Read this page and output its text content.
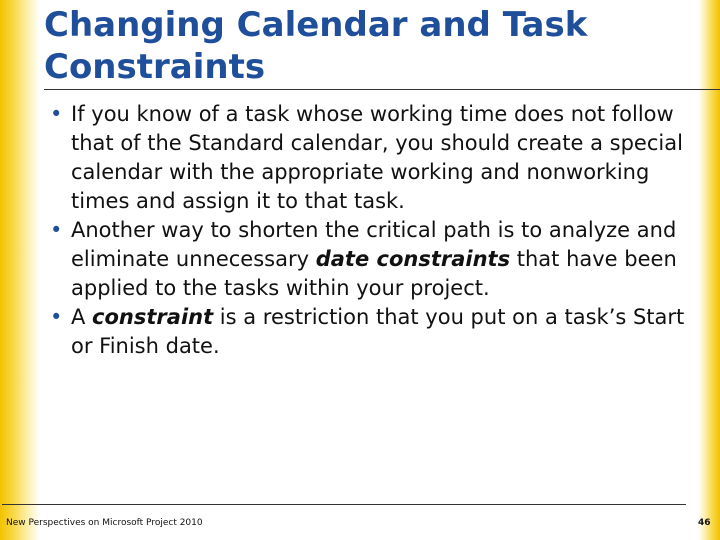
Changing Calendar and Task Constraints
• If you know of a task whose working time does not follow that of the Standard calendar, you should create a special calendar with the appropriate working and nonworking times and assign it to that task.
• Another way to shorten the critical path is to analyze and eliminate unnecessary date constraints that have been applied to the tasks within your project.
• A constraint is a restriction that you put on a task’s Start or Finish date.
New Perspectives on Microsoft Project 2010	46
